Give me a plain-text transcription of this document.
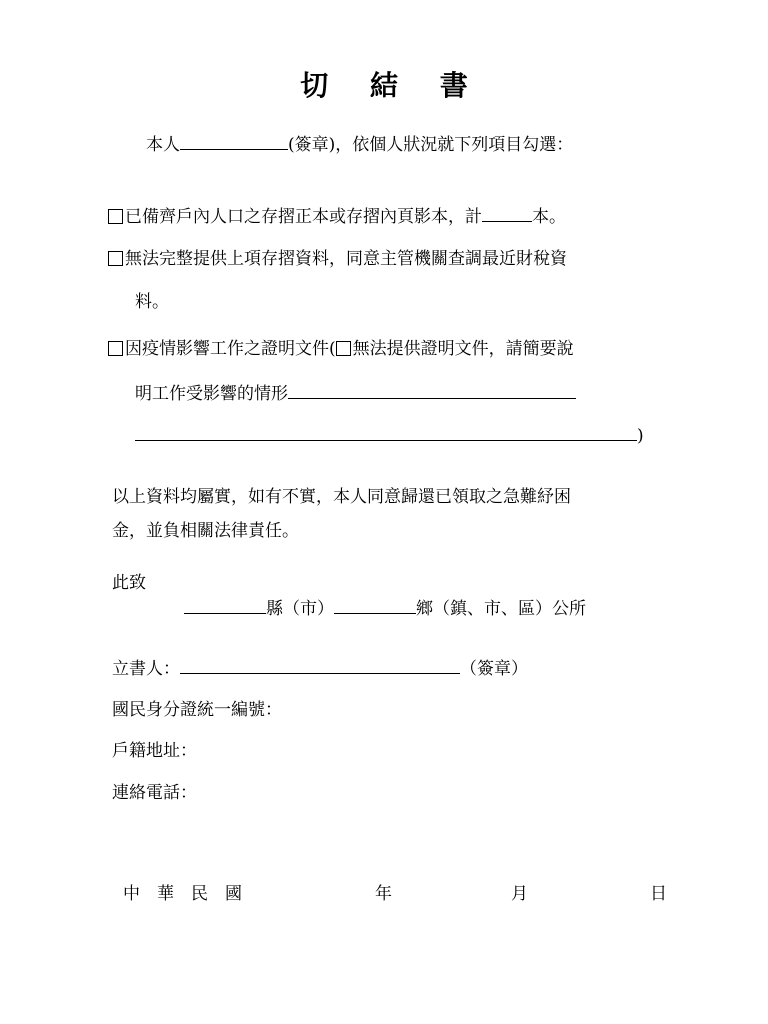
切 結 書
本人	(簽章)，依個人狀況就下列項目勾選：
已備齊戶內人口之存摺正本或存摺內頁影本，計	本。
無法完整提供上項存摺資料，同意主管機關查調最近財稅資
料。
因疫情影響工作之證明文件( 無法提供證明文件，請簡要說
明工作受影響的情形
)
以上資料均屬實，如有不實，本人同意歸還已領取之急難紓困
金，並負相關法律責任。
此致
縣（市）	鄉（鎮、市、區）公所
立書人：	（簽章）
國民身分證統一編號：
戶籍地址：
連絡電話：
中華民國	年	月	日
